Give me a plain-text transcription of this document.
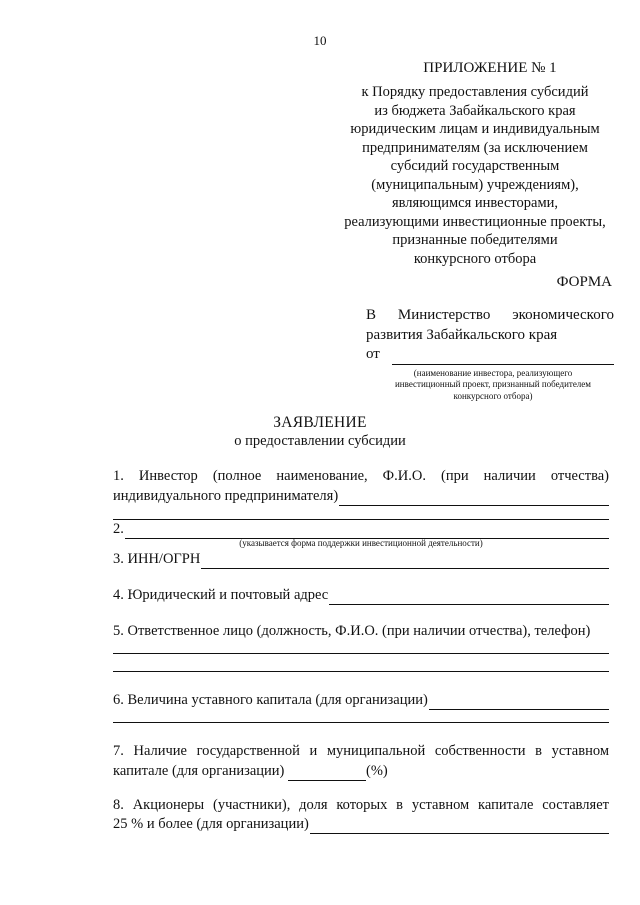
10
ПРИЛОЖЕНИЕ № 1
к Порядку предоставления субсидий
из бюджета Забайкальского края
юридическим лицам и индивидуальным
предпринимателям (за исключением
субсидий государственным
(муниципальным) учреждениям),
являющимся инвесторами,
реализующими инвестиционные проекты,
признанные победителями
конкурсного отбора
ФОРМА
В Министерство экономического
развития Забайкальского края
от
(наименование инвестора, реализующего
инвестиционный проект, признанный победителем
конкурсного отбора)
ЗАЯВЛЕНИЕ
о предоставлении субсидии
1. Инвестор (полное наименование, Ф.И.О. (при наличии отчества)
индивидуального предпринимателя)
2.
(указывается форма поддержки инвестиционной деятельности)
3. ИНН/ОГРН
4. Юридический и почтовый адрес
5. Ответственное лицо (должность, Ф.И.О. (при наличии отчества), телефон)
6. Величина уставного капитала (для организации)
7. Наличие государственной и муниципальной собственности в уставном
капитале (для организации)	(%)
8. Акционеры (участники), доля которых в уставном капитале составляет
25 % и более (для организации)
